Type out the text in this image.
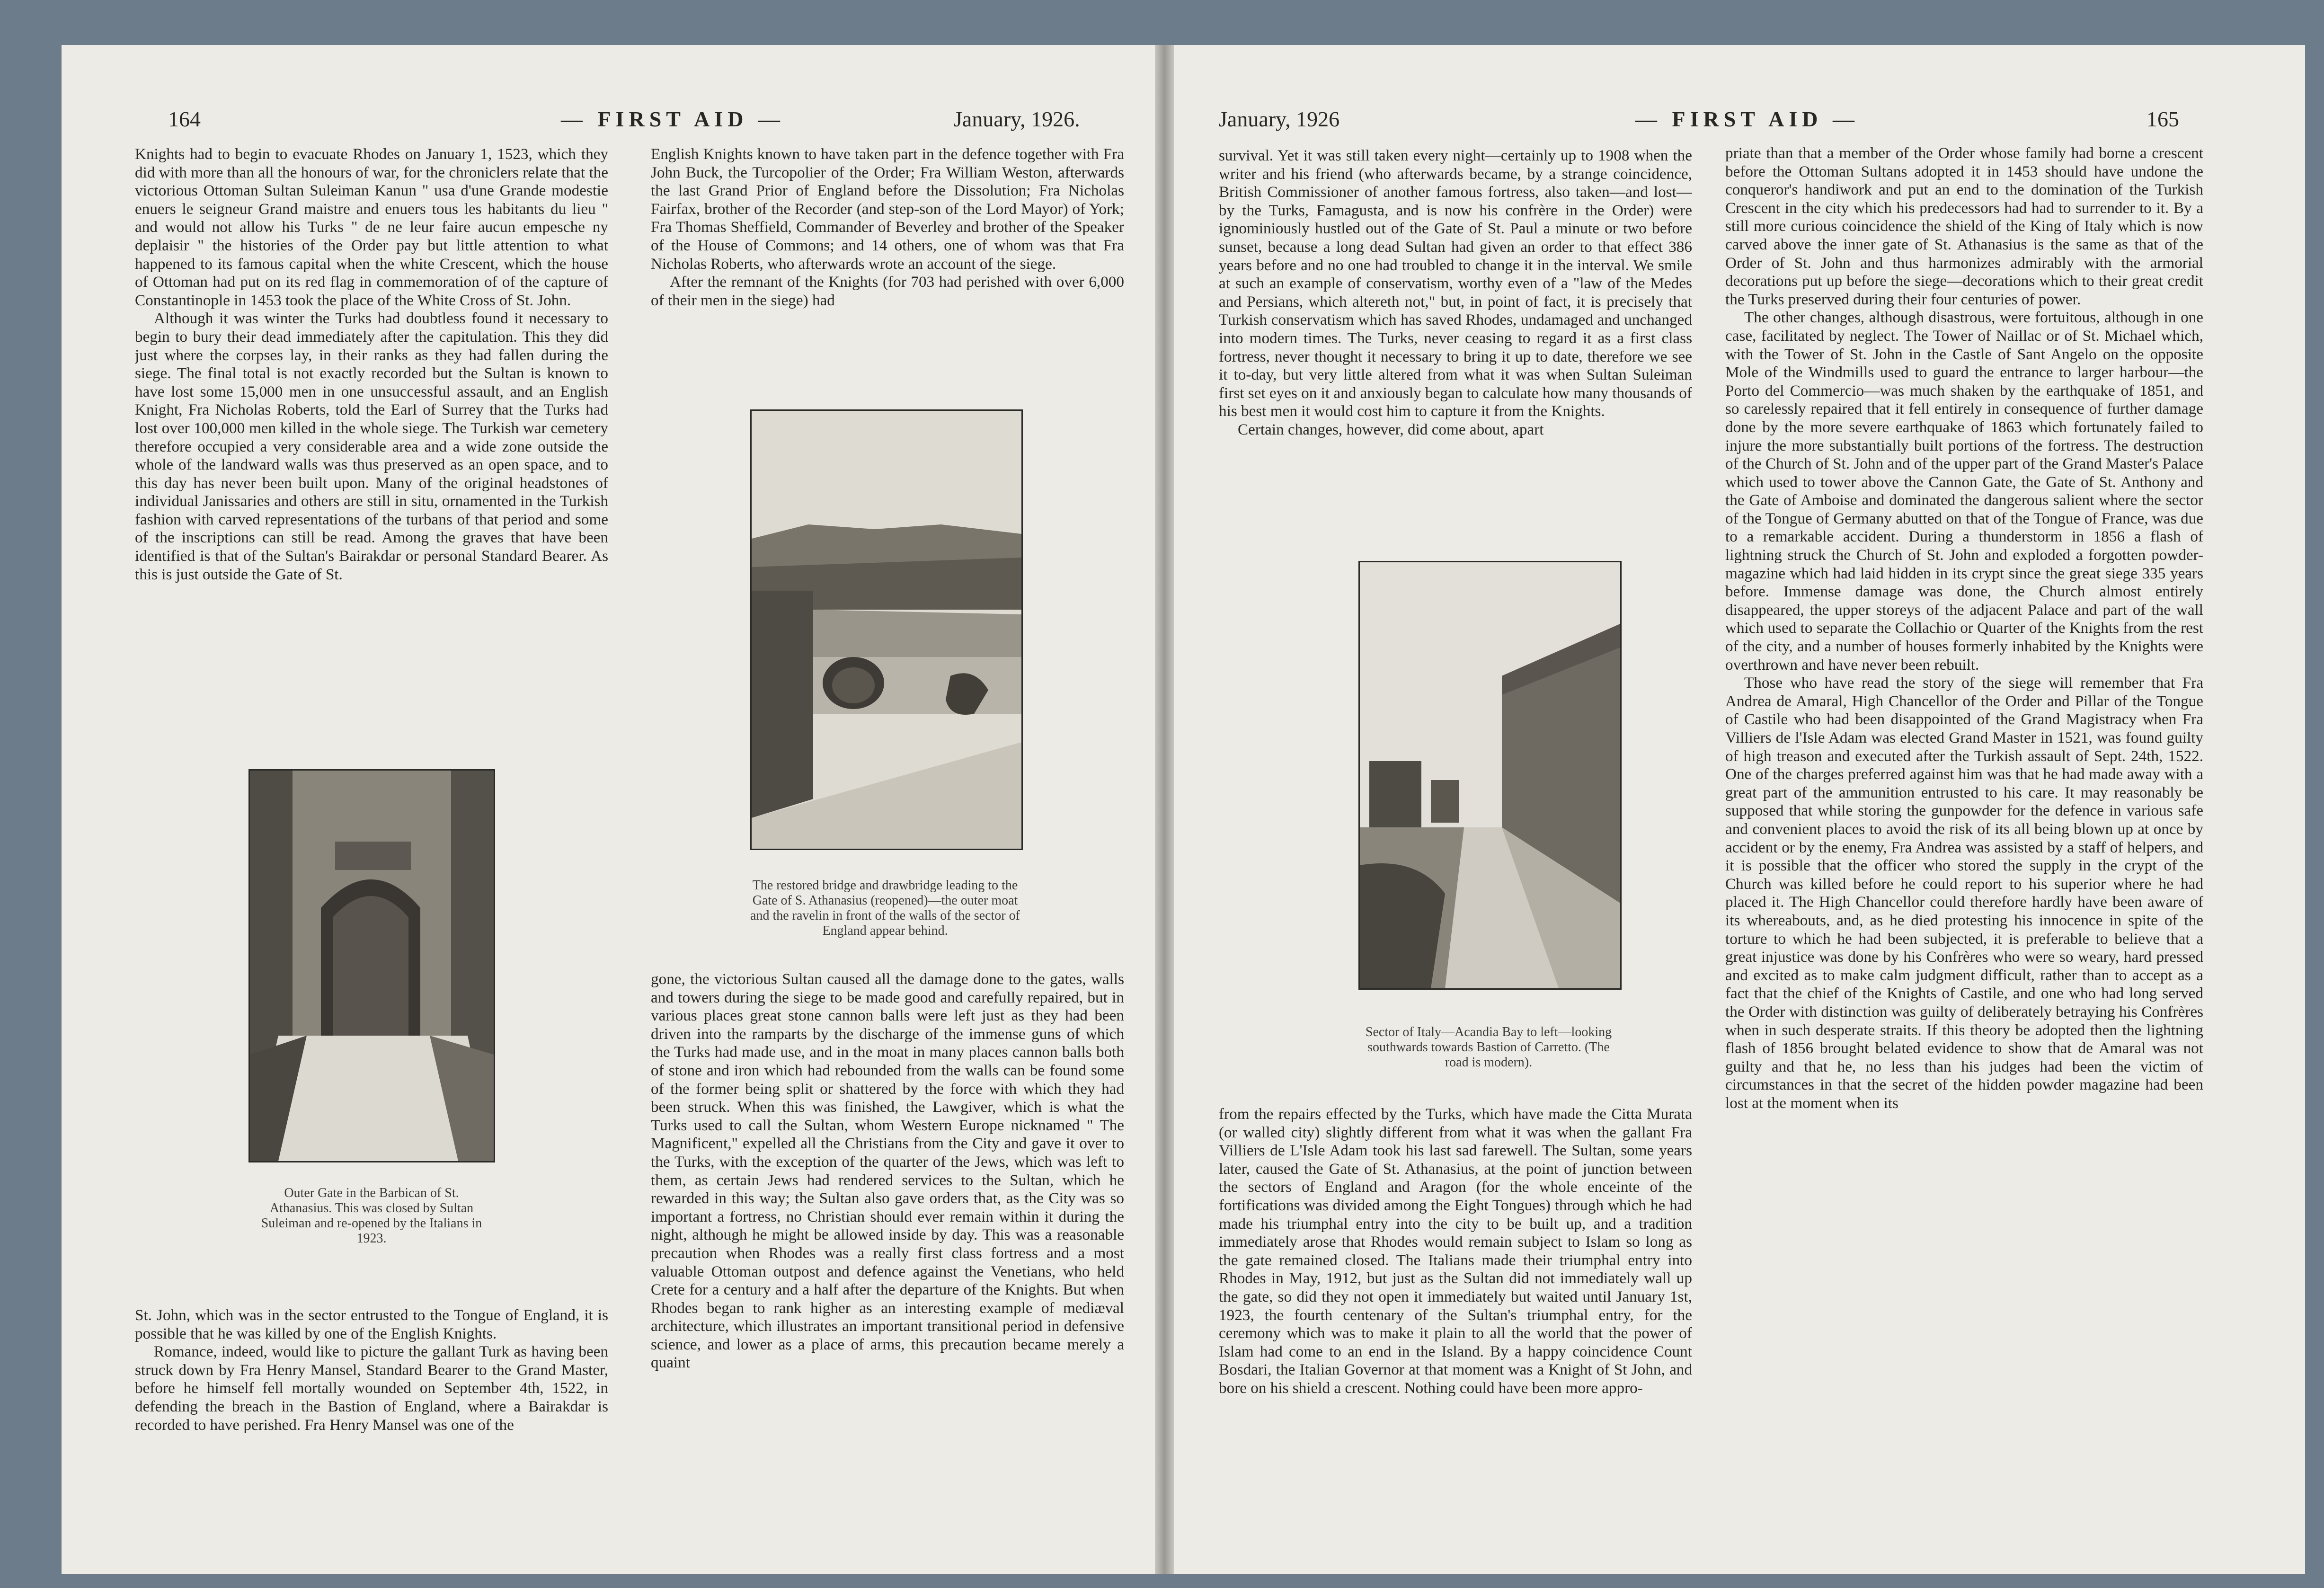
164	— FIRST AID —	January, 1926.

Knights had to begin to evacuate Rhodes on January 1, 1523, which they did with more than all the honours of war, for the chroniclers relate that the victorious Ottoman Sultan Suleiman Kanun " usa d'une Grande modestie enuers le seigneur Grand maistre and enuers tous les habitants du lieu " and would not allow his Turks " de ne leur faire aucun empesche ny deplaisir " the histories of the Order pay but little attention to what happened to its famous capital when the white Crescent, which the house of Ottoman had put on its red flag in commemoration of of the capture of Constantinople in 1453 took the place of the White Cross of St. John.

Although it was winter the Turks had doubtless found it necessary to begin to bury their dead immediately after the capitulation. This they did just where the corpses lay, in their ranks as they had fallen during the siege. The final total is not exactly recorded but the Sultan is known to have lost some 15,000 men in one unsuccessful assault, and an English Knight, Fra Nicholas Roberts, told the Earl of Surrey that the Turks had lost over 100,000 men killed in the whole siege. The Turkish war cemetery therefore occupied a very considerable area and a wide zone outside the whole of the landward walls was thus preserved as an open space, and to this day has never been built upon. Many of the original headstones of individual Janissaries and others are still in situ, ornamented in the Turkish fashion with carved representations of the turbans of that period and some of the inscriptions can still be read. Among the graves that have been identified is that of the Sultan's Bairakdar or personal Standard Bearer. As this is just outside the Gate of St.

Outer Gate in the Barbican of St. Athanasius. This was closed by Sultan Suleiman and re-opened by the Italians in 1923.

St. John, which was in the sector entrusted to the Tongue of England, it is possible that he was killed by one of the English Knights.

Romance, indeed, would like to picture the gallant Turk as having been struck down by Fra Henry Mansel, Standard Bearer to the Grand Master, before he himself fell mortally wounded on September 4th, 1522, in defending the breach in the Bastion of England, where a Bairakdar is recorded to have perished. Fra Henry Mansel was one of the

English Knights known to have taken part in the defence together with Fra John Buck, the Turcopolier of the Order; Fra William Weston, afterwards the last Grand Prior of England before the Dissolution; Fra Nicholas Fairfax, brother of the Recorder (and step-son of the Lord Mayor) of York; Fra Thomas Sheffield, Commander of Beverley and brother of the Speaker of the House of Commons; and 14 others, one of whom was that Fra Nicholas Roberts, who afterwards wrote an account of the siege.

After the remnant of the Knights (for 703 had perished with over 6,000 of their men in the siege) had

The restored bridge and drawbridge leading to the Gate of S. Athanasius (reopened)—the outer moat and the ravelin in front of the walls of the sector of England appear behind.

gone, the victorious Sultan caused all the damage done to the gates, walls and towers during the siege to be made good and carefully repaired, but in various places great stone cannon balls were left just as they had been driven into the ramparts by the discharge of the immense guns of which the Turks had made use, and in the moat in many places cannon balls both of stone and iron which had rebounded from the walls can be found some of the former being split or shattered by the force with which they had been struck. When this was finished, the Lawgiver, which is what the Turks used to call the Sultan, whom Western Europe nicknamed " The Magnificent," expelled all the Christians from the City and gave it over to the Turks, with the exception of the quarter of the Jews, which was left to them, as certain Jews had rendered services to the Sultan, which he rewarded in this way; the Sultan also gave orders that, as the City was so important a fortress, no Christian should ever remain within it during the night, although he might be allowed inside by day. This was a reasonable precaution when Rhodes was a really first class fortress and a most valuable Ottoman outpost and defence against the Venetians, who held Crete for a century and a half after the departure of the Knights. But when Rhodes began to rank higher as an interesting example of mediæval architecture, which illustrates an important transitional period in defensive science, and lower as a place of arms, this precaution became merely a quaint

January, 1926	— FIRST AID —	165

survival. Yet it was still taken every night—certainly up to 1908 when the writer and his friend (who afterwards became, by a strange coincidence, British Commissioner of another famous fortress, also taken—and lost—by the Turks, Famagusta, and is now his confrère in the Order) were ignominiously hustled out of the Gate of St. Paul a minute or two before sunset, because a long dead Sultan had given an order to that effect 386 years before and no one had troubled to change it in the interval. We smile at such an example of conservatism, worthy even of a "law of the Medes and Persians, which altereth not," but, in point of fact, it is precisely that Turkish conservatism which has saved Rhodes, undamaged and unchanged into modern times. The Turks, never ceasing to regard it as a first class fortress, never thought it necessary to bring it up to date, therefore we see it to-day, but very little altered from what it was when Sultan Suleiman first set eyes on it and anxiously began to calculate how many thousands of his best men it would cost him to capture it from the Knights.

Certain changes, however, did come about, apart

Sector of Italy—Acandia Bay to left—looking southwards towards Bastion of Carretto. (The road is modern).

from the repairs effected by the Turks, which have made the Citta Murata (or walled city) slightly different from what it was when the gallant Fra Villiers de L'Isle Adam took his last sad farewell. The Sultan, some years later, caused the Gate of St. Athanasius, at the point of junction between the sectors of England and Aragon (for the whole enceinte of the fortifications was divided among the Eight Tongues) through which he had made his triumphal entry into the city to be built up, and a tradition immediately arose that Rhodes would remain subject to Islam so long as the gate remained closed. The Italians made their triumphal entry into Rhodes in May, 1912, but just as the Sultan did not immediately wall up the gate, so did they not open it immediately but waited until January 1st, 1923, the fourth centenary of the Sultan's triumphal entry, for the ceremony which was to make it plain to all the world that the power of Islam had come to an end in the Island. By a happy coincidence Count Bosdari, the Italian Governor at that moment was a Knight of St John, and bore on his shield a crescent. Nothing could have been more appro-

priate than that a member of the Order whose family had borne a crescent before the Ottoman Sultans adopted it in 1453 should have undone the conqueror's handiwork and put an end to the domination of the Turkish Crescent in the city which his predecessors had had to surrender to it. By a still more curious coincidence the shield of the King of Italy which is now carved above the inner gate of St. Athanasius is the same as that of the Order of St. John and thus harmonizes admirably with the armorial decorations put up before the siege—decorations which to their great credit the Turks preserved during their four centuries of power.

The other changes, although disastrous, were fortuitous, although in one case, facilitated by neglect. The Tower of Naillac or of St. Michael which, with the Tower of St. John in the Castle of Sant Angelo on the opposite Mole of the Windmills used to guard the entrance to larger harbour—the Porto del Commercio—was much shaken by the earthquake of 1851, and so carelessly repaired that it fell entirely in consequence of further damage done by the more severe earthquake of 1863 which fortunately failed to injure the more substantially built portions of the fortress. The destruction of the Church of St. John and of the upper part of the Grand Master's Palace which used to tower above the Cannon Gate, the Gate of St. Anthony and the Gate of Amboise and dominated the dangerous salient where the sector of the Tongue of Germany abutted on that of the Tongue of France, was due to a remarkable accident. During a thunderstorm in 1856 a flash of lightning struck the Church of St. John and exploded a forgotten powder-magazine which had laid hidden in its crypt since the great siege 335 years before. Immense damage was done, the Church almost entirely disappeared, the upper storeys of the adjacent Palace and part of the wall which used to separate the Collachio or Quarter of the Knights from the rest of the city, and a number of houses formerly inhabited by the Knights were overthrown and have never been rebuilt.

Those who have read the story of the siege will remember that Fra Andrea de Amaral, High Chancellor of the Order and Pillar of the Tongue of Castile who had been disappointed of the Grand Magistracy when Fra Villiers de l'Isle Adam was elected Grand Master in 1521, was found guilty of high treason and executed after the Turkish assault of Sept. 24th, 1522. One of the charges preferred against him was that he had made away with a great part of the ammunition entrusted to his care. It may reasonably be supposed that while storing the gunpowder for the defence in various safe and convenient places to avoid the risk of its all being blown up at once by accident or by the enemy, Fra Andrea was assisted by a staff of helpers, and it is possible that the officer who stored the supply in the crypt of the Church was killed before he could report to his superior where he had placed it. The High Chancellor could therefore hardly have been aware of its whereabouts, and, as he died protesting his innocence in spite of the torture to which he had been subjected, it is preferable to believe that a great injustice was done by his Confrères who were so weary, hard pressed and excited as to make calm judgment difficult, rather than to accept as a fact that the chief of the Knights of Castile, and one who had long served the Order with distinction was guilty of deliberately betraying his Confrères when in such desperate straits. If this theory be adopted then the lightning flash of 1856 brought belated evidence to show that de Amaral was not guilty and that he, no less than his judges had been the victim of circumstances in that the secret of the hidden powder magazine had been lost at the moment when its
